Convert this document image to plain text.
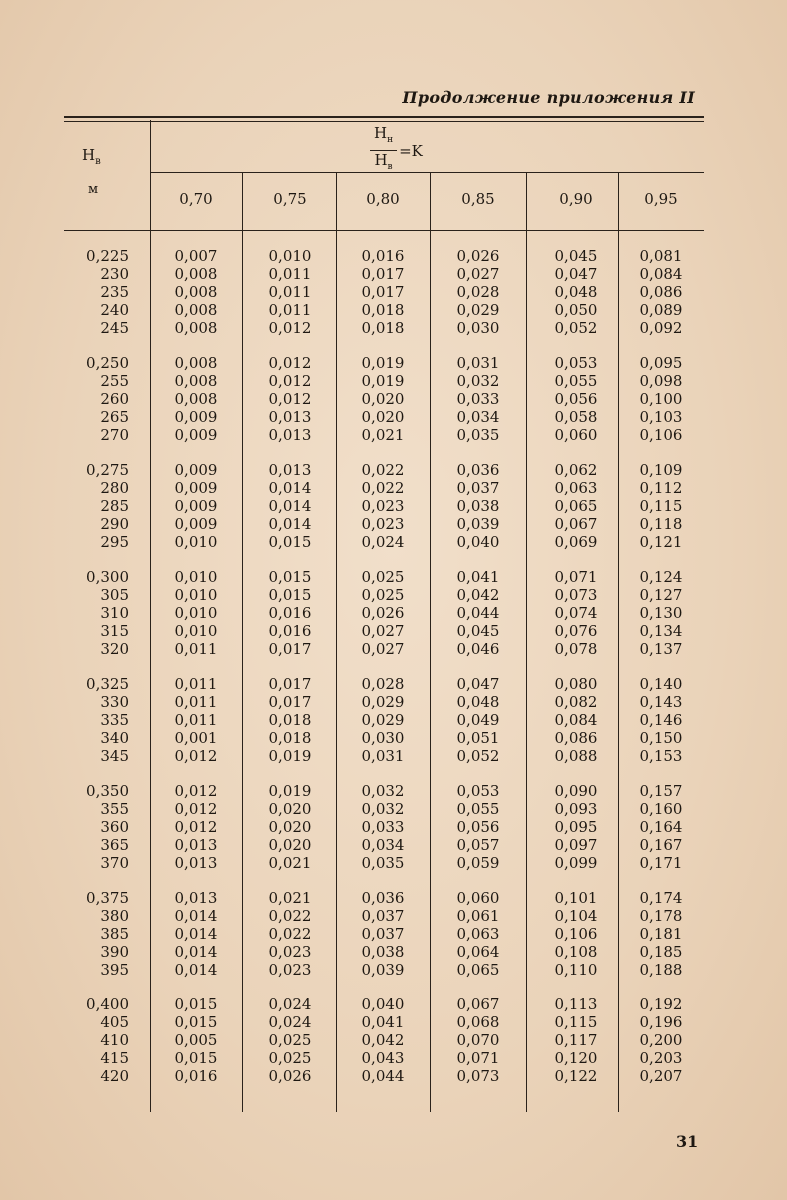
Продолжение приложения II
$H_в$
м
$\frac{H_н}{H_в} =K$
0,70	0,75	0,80	0,85	0,90	0,95
0,225	0,007	0,010	0,016	0,026	0,045	0,081
230	0,008	0,011	0,017	0,027	0,047	0,084
235	0,008	0,011	0,017	0,028	0,048	0,086
240	0,008	0,011	0,018	0,029	0,050	0,089
245	0,008	0,012	0,018	0,030	0,052	0,092
0,250	0,008	0,012	0,019	0,031	0,053	0,095
255	0,008	0,012	0,019	0,032	0,055	0,098
260	0,008	0,012	0,020	0,033	0,056	0,100
265	0,009	0,013	0,020	0,034	0,058	0,103
270	0,009	0,013	0,021	0,035	0,060	0,106
0,275	0,009	0,013	0,022	0,036	0,062	0,109
280	0,009	0,014	0,022	0,037	0,063	0,112
285	0,009	0,014	0,023	0,038	0,065	0,115
290	0,009	0,014	0,023	0,039	0,067	0,118
295	0,010	0,015	0,024	0,040	0,069	0,121
0,300	0,010	0,015	0,025	0,041	0,071	0,124
305	0,010	0,015	0,025	0,042	0,073	0,127
310	0,010	0,016	0,026	0,044	0,074	0,130
315	0,010	0,016	0,027	0,045	0,076	0,134
320	0,011	0,017	0,027	0,046	0,078	0,137
0,325	0,011	0,017	0,028	0,047	0,080	0,140
330	0,011	0,017	0,029	0,048	0,082	0,143
335	0,011	0,018	0,029	0,049	0,084	0,146
340	0,001	0,018	0,030	0,051	0,086	0,150
345	0,012	0,019	0,031	0,052	0,088	0,153
0,350	0,012	0,019	0,032	0,053	0,090	0,157
355	0,012	0,020	0,032	0,055	0,093	0,160
360	0,012	0,020	0,033	0,056	0,095	0,164
365	0,013	0,020	0,034	0,057	0,097	0,167
370	0,013	0,021	0,035	0,059	0,099	0,171
0,375	0,013	0,021	0,036	0,060	0,101	0,174
380	0,014	0,022	0,037	0,061	0,104	0,178
385	0,014	0,022	0,037	0,063	0,106	0,181
390	0,014	0,023	0,038	0,064	0,108	0,185
395	0,014	0,023	0,039	0,065	0,110	0,188
0,400	0,015	0,024	0,040	0,067	0,113	0,192
405	0,015	0,024	0,041	0,068	0,115	0,196
410	0,005	0,025	0,042	0,070	0,117	0,200
415	0,015	0,025	0,043	0,071	0,120	0,203
420	0,016	0,026	0,044	0,073	0,122	0,207
31
